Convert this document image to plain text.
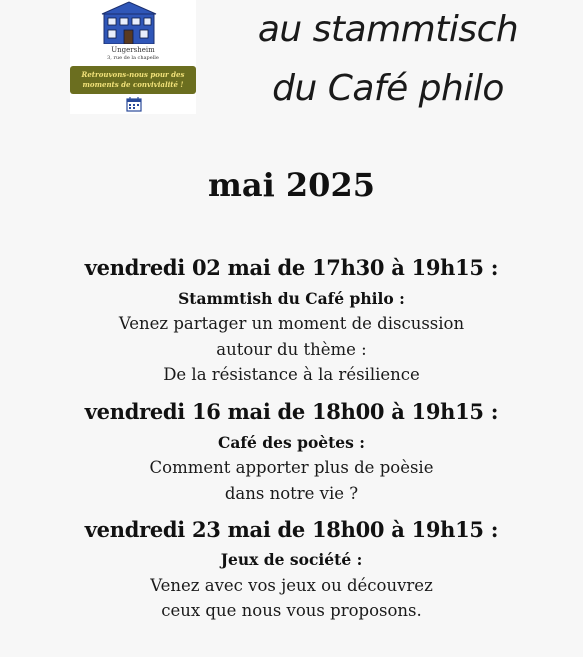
Ungersheim
3, rue de la chapelle
Retrouvons-nous pour des moments de convivialité !
au stammtisch
du Café philo
mai 2025
vendredi 02 mai de 17h30 à 19h15 :
Stammtish du Café philo :
Venez partager un moment de discussion
autour du thème :
De la résistance à la résilience
vendredi 16 mai de 18h00 à 19h15 :
Café des poètes :
Comment apporter plus de poèsie
dans notre vie ?
vendredi 23 mai de 18h00 à 19h15 :
Jeux de société :
Venez avec vos jeux ou découvrez
ceux que nous vous proposons.
